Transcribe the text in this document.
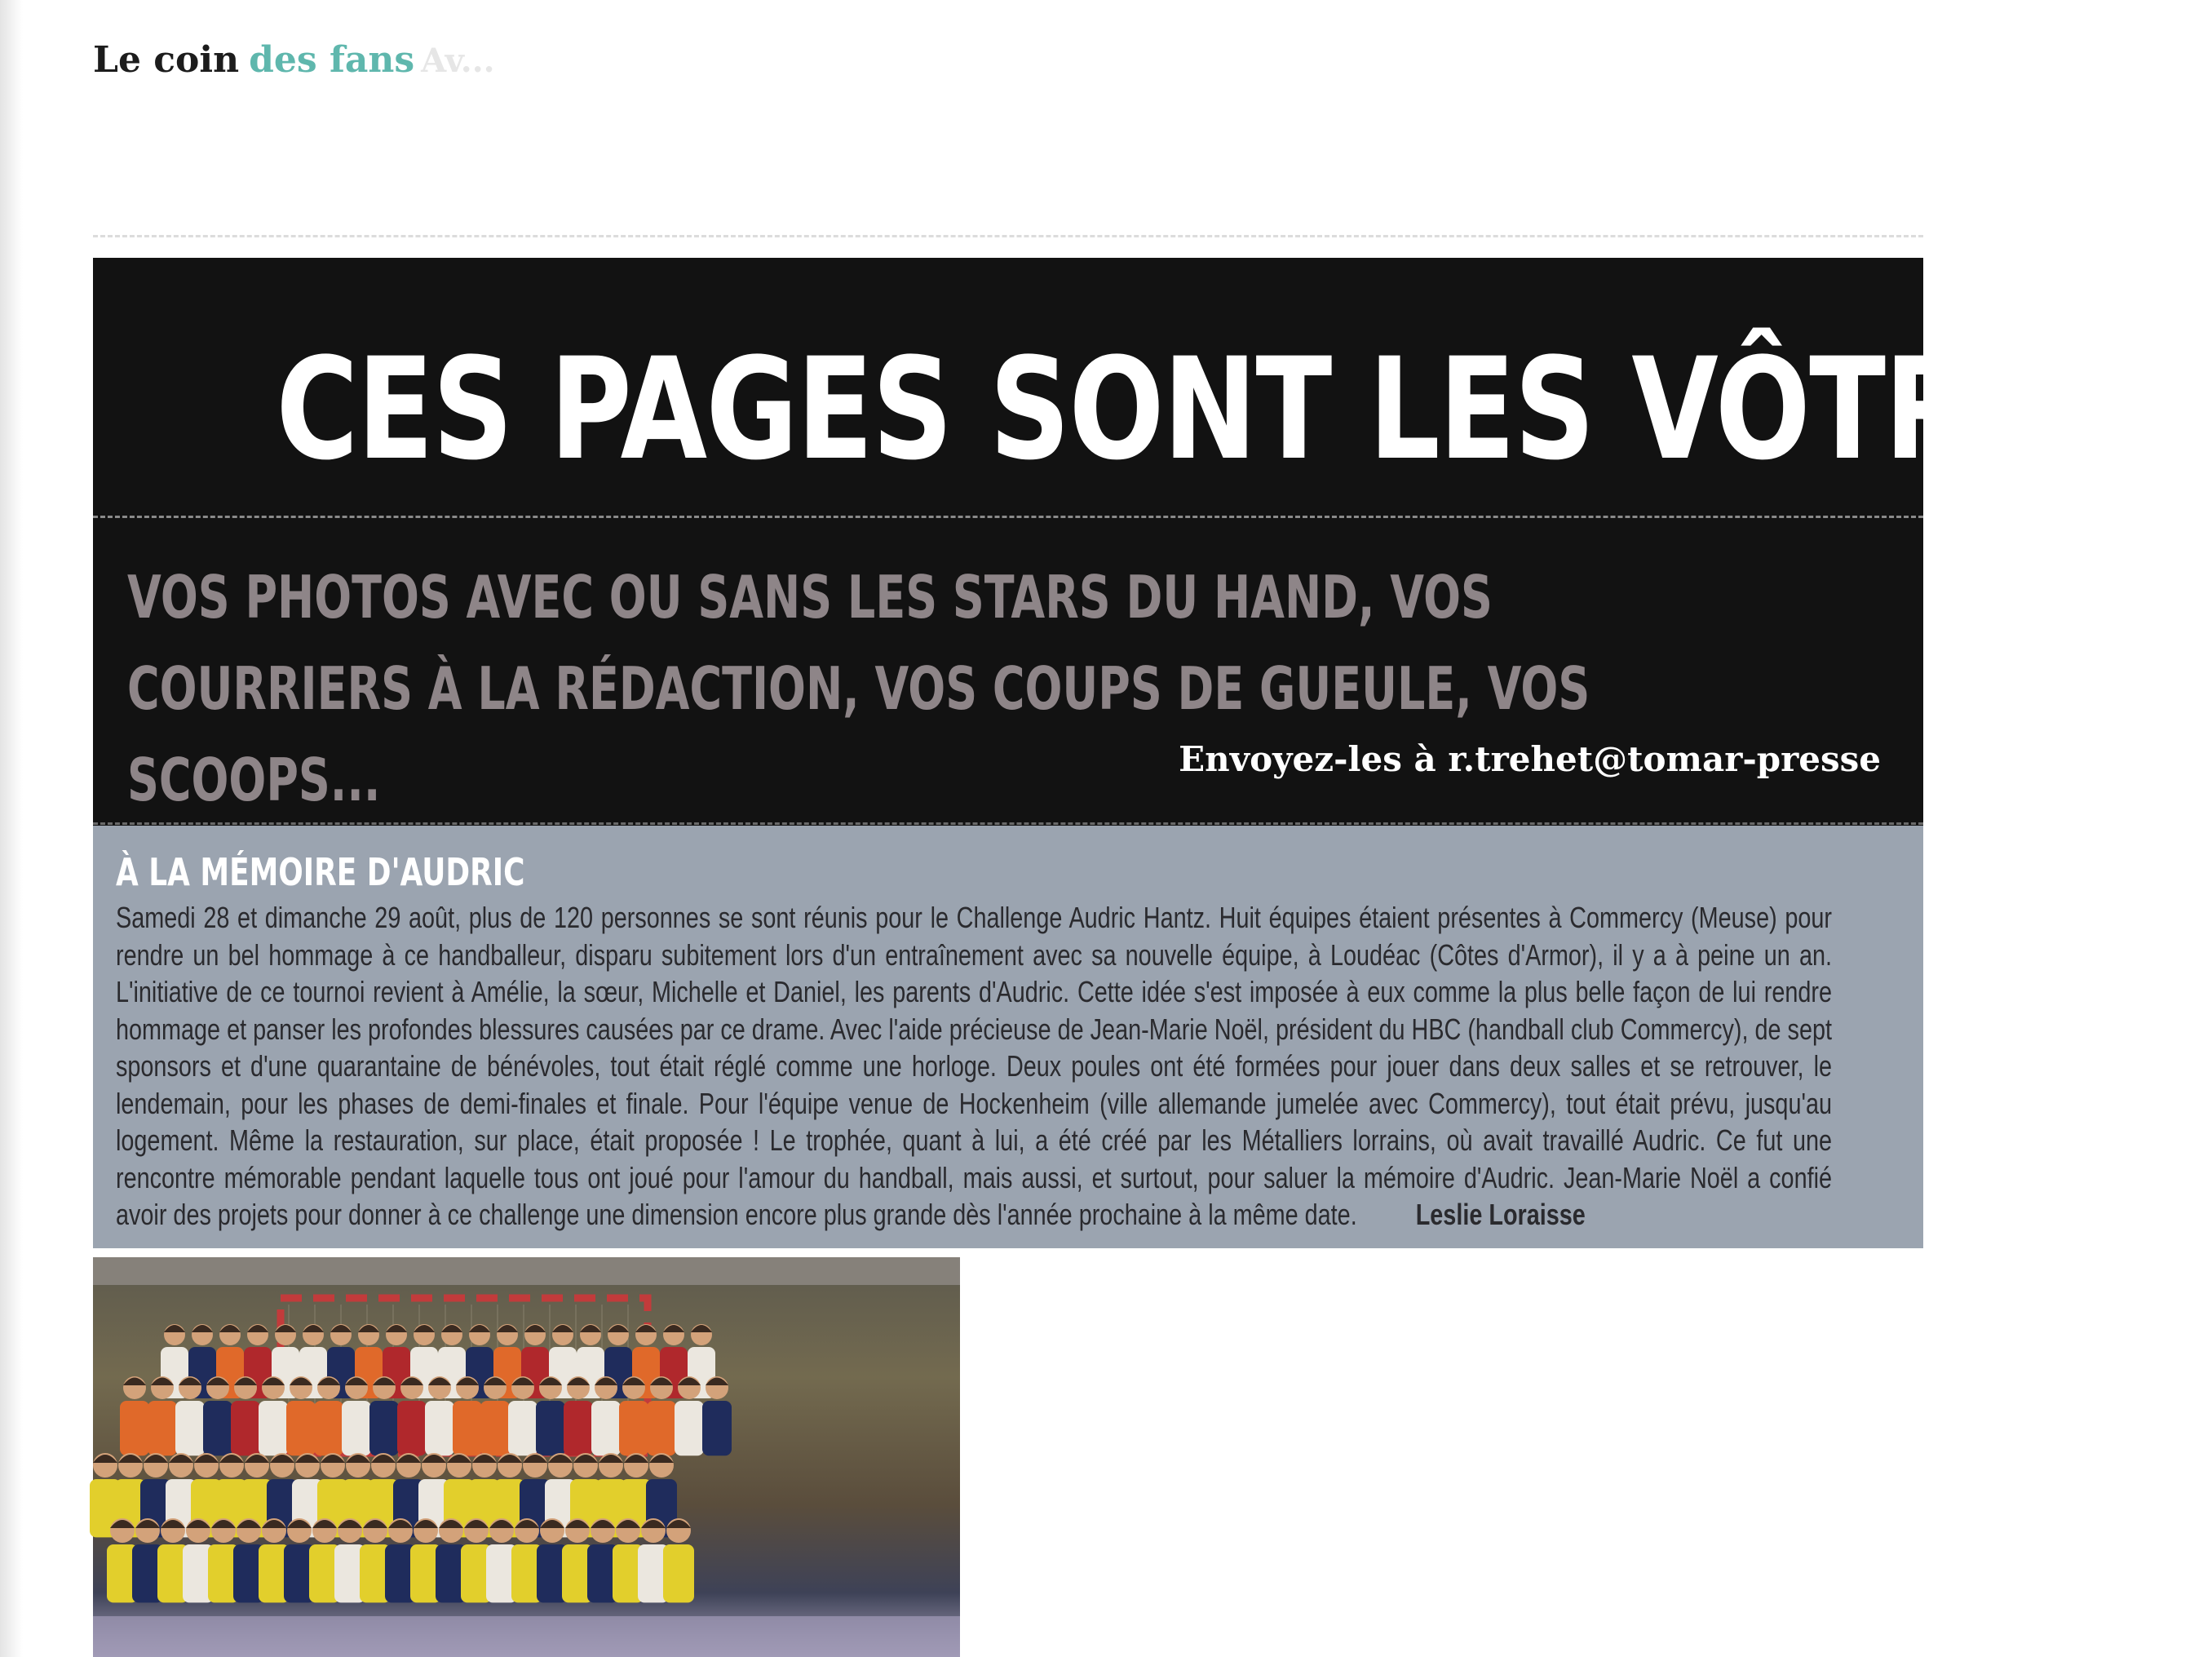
Le coin des fans Av...
CES PAGES SONT LES VÔTRES !
VOS PHOTOS AVEC OU SANS LES STARS DU HAND, VOS COURRIERS À LA RÉDACTION, VOS COUPS DE GUEULE, VOS SCOOPS...	Envoyez-les à r.trehet@tomar-presse
À LA MÉMOIRE D'AUDRIC
Samedi 28 et dimanche 29 août, plus de 120 personnes se sont réunis pour le Challenge Audric Hantz. Huit équipes étaient présentes à Commercy (Meuse) pour rendre un bel hommage à ce handballeur, disparu subitement lors d'un entraînement avec sa nouvelle équipe, à Loudéac (Côtes d'Armor), il y a à peine un an. L'initiative de ce tournoi revient à Amélie, la sœur, Michelle et Daniel, les parents d'Audric. Cette idée s'est imposée à eux comme la plus belle façon de lui rendre hommage et panser les profondes blessures causées par ce drame. Avec l'aide précieuse de Jean-Marie Noël, président du HBC (handball club Commercy), de sept sponsors et d'une quarantaine de bénévoles, tout était réglé comme une horloge. Deux poules ont été formées pour jouer dans deux salles et se retrouver, le lendemain, pour les phases de demi-finales et finale. Pour l'équipe venue de Hockenheim (ville allemande jumelée avec Commercy), tout était prévu, jusqu'au logement. Même la restauration, sur place, était proposée ! Le trophée, quant à lui, a été créé par les Métalliers lorrains, où avait travaillé Audric. Ce fut une rencontre mémorable pendant laquelle tous ont joué pour l'amour du handball, mais aussi, et surtout, pour saluer la mémoire d'Audric. Jean-Marie Noël a confié avoir des projets pour donner à ce challenge une dimension encore plus grande dès l'année prochaine à la même date. Leslie Loraisse
